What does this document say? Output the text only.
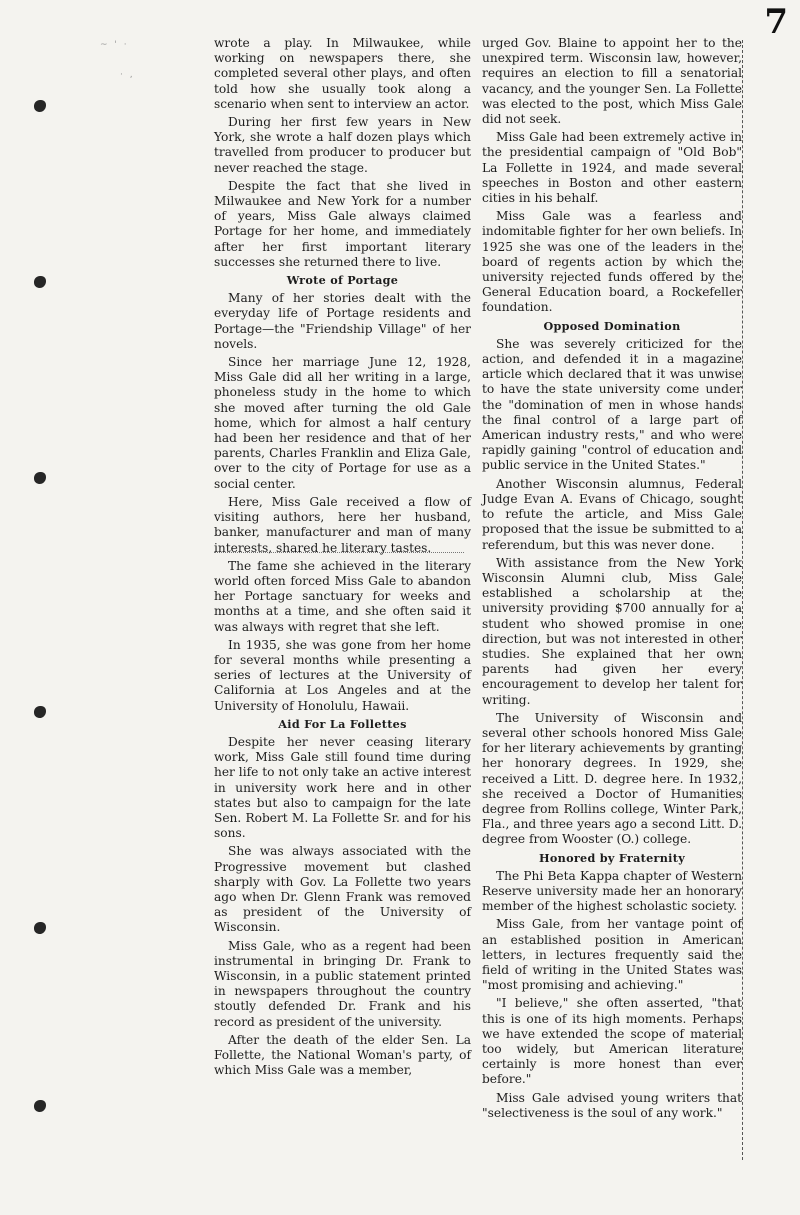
7
~ ' ·
· ,

wrote a play. In Milwaukee, while working on newspapers there, she completed several other plays, and often told how she usually took along a scenario when sent to interview an actor.

During her first few years in New York, she wrote a half dozen plays which travelled from producer to producer but never reached the stage.

Despite the fact that she lived in Milwaukee and New York for a number of years, Miss Gale always claimed Portage for her home, and immediately after her first important literary successes she returned there to live.

Wrote of Portage

Many of her stories dealt with the everyday life of Portage residents and Portage—the "Friendship Village" of her novels.

Since her marriage June 12, 1928, Miss Gale did all her writing in a large, phoneless study in the home to which she moved after turning the old Gale home, which for almost a half century had been her residence and that of her parents, Charles Franklin and Eliza Gale, over to the city of Portage for use as a social center.

Here, Miss Gale received a flow of visiting authors, here her husband, banker, manufacturer and man of many interests, shared he literary tastes.

The fame she achieved in the literary world often forced Miss Gale to abandon her Portage sanctuary for weeks and months at a time, and she often said it was always with regret that she left.

In 1935, she was gone from her home for several months while presenting a series of lectures at the University of California at Los Angeles and at the University of Honolulu, Hawaii.

Aid For La Follettes

Despite her never ceasing literary work, Miss Gale still found time during her life to not only take an active interest in university work here and in other states but also to campaign for the late Sen. Robert M. La Follette Sr. and for his sons.

She was always associated with the Progressive movement but clashed sharply with Gov. La Follette two years ago when Dr. Glenn Frank was removed as president of the University of Wisconsin.

Miss Gale, who as a regent had been instrumental in bringing Dr. Frank to Wisconsin, in a public statement printed in newspapers throughout the country stoutly defended Dr. Frank and his record as president of the university.

After the death of the elder Sen. La Follette, the National Woman's party, of which Miss Gale was a member,

urged Gov. Blaine to appoint her to the unexpired term. Wisconsin law, however, requires an election to fill a senatorial vacancy, and the younger Sen. La Follette was elected to the post, which Miss Gale did not seek.

Miss Gale had been extremely active in the presidential campaign of "Old Bob" La Follette in 1924, and made several speeches in Boston and other eastern cities in his behalf.

Miss Gale was a fearless and indomitable fighter for her own beliefs. In 1925 she was one of the leaders in the board of regents action by which the university rejected funds offered by the General Education board, a Rockefeller foundation.

Opposed Domination

She was severely criticized for the action, and defended it in a magazine article which declared that it was unwise to have the state university come under the "domination of men in whose hands the final control of a large part of American industry rests," and who were rapidly gaining "control of education and public service in the United States."

Another Wisconsin alumnus, Federal Judge Evan A. Evans of Chicago, sought to refute the article, and Miss Gale proposed that the issue be submitted to a referendum, but this was never done.

With assistance from the New York Wisconsin Alumni club, Miss Gale established a scholarship at the university providing $700 annually for a student who showed promise in one direction, but was not interested in other studies. She explained that her own parents had given her every encouragement to develop her talent for writing.

The University of Wisconsin and several other schools honored Miss Gale for her literary achievements by granting her honorary degrees. In 1929, she received a Litt. D. degree here. In 1932, she received a Doctor of Humanities degree from Rollins college, Winter Park, Fla., and three years ago a second Litt. D. degree from Wooster (O.) college.

Honored by Fraternity

The Phi Beta Kappa chapter of Western Reserve university made her an honorary member of the highest scholastic society.

Miss Gale, from her vantage point of an established position in American letters, in lectures frequently said the field of writing in the United States was "most promising and achieving."

"I believe," she often asserted, "that this is one of its high moments. Perhaps we have extended the scope of material too widely, but American literature certainly is more honest than ever before."

Miss Gale advised young writers that "selectiveness is the soul of any work."
